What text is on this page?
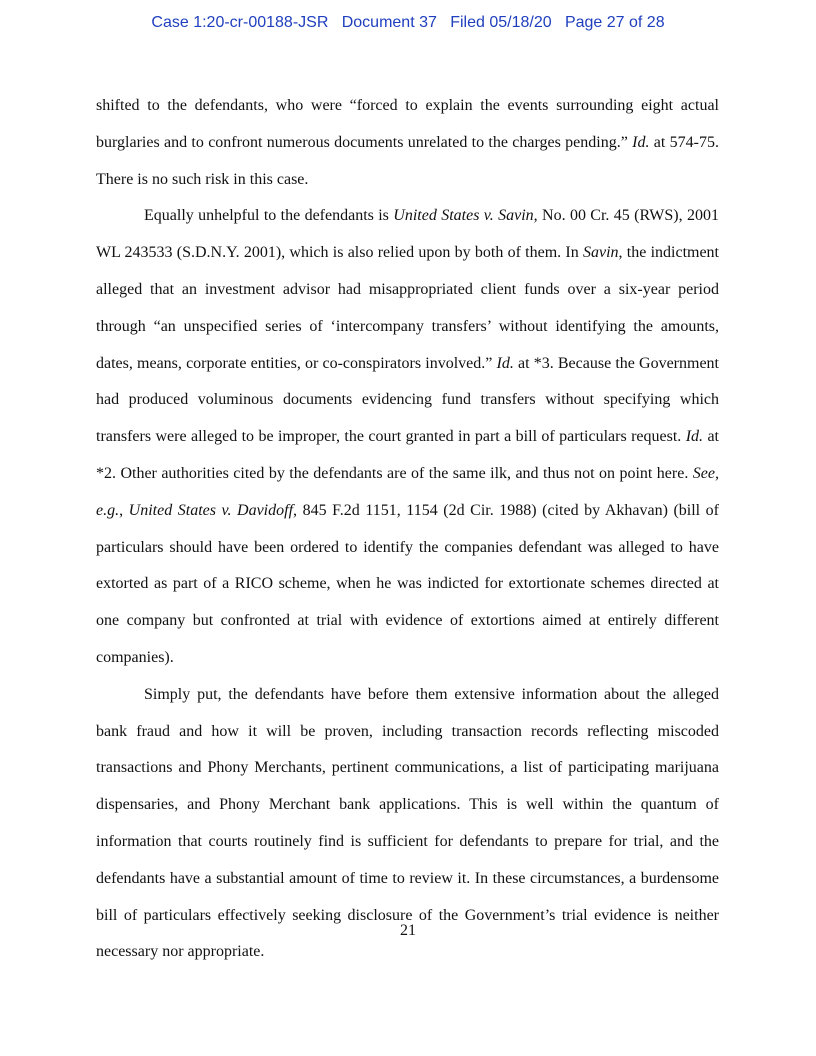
Case 1:20-cr-00188-JSR   Document 37   Filed 05/18/20   Page 27 of 28

shifted to the defendants, who were “forced to explain the events surrounding eight actual burglaries and to confront numerous documents unrelated to the charges pending.” Id. at 574-75. There is no such risk in this case.

Equally unhelpful to the defendants is United States v. Savin, No. 00 Cr. 45 (RWS), 2001 WL 243533 (S.D.N.Y. 2001), which is also relied upon by both of them. In Savin, the indictment alleged that an investment advisor had misappropriated client funds over a six-year period through “an unspecified series of ‘intercompany transfers’ without identifying the amounts, dates, means, corporate entities, or co-conspirators involved.” Id. at *3. Because the Government had produced voluminous documents evidencing fund transfers without specifying which transfers were alleged to be improper, the court granted in part a bill of particulars request. Id. at *2. Other authorities cited by the defendants are of the same ilk, and thus not on point here. See, e.g., United States v. Davidoff, 845 F.2d 1151, 1154 (2d Cir. 1988) (cited by Akhavan) (bill of particulars should have been ordered to identify the companies defendant was alleged to have extorted as part of a RICO scheme, when he was indicted for extortionate schemes directed at one company but confronted at trial with evidence of extortions aimed at entirely different companies).

Simply put, the defendants have before them extensive information about the alleged bank fraud and how it will be proven, including transaction records reflecting miscoded transactions and Phony Merchants, pertinent communications, a list of participating marijuana dispensaries, and Phony Merchant bank applications. This is well within the quantum of information that courts routinely find is sufficient for defendants to prepare for trial, and the defendants have a substantial amount of time to review it. In these circumstances, a burdensome bill of particulars effectively seeking disclosure of the Government’s trial evidence is neither necessary nor appropriate.

21
